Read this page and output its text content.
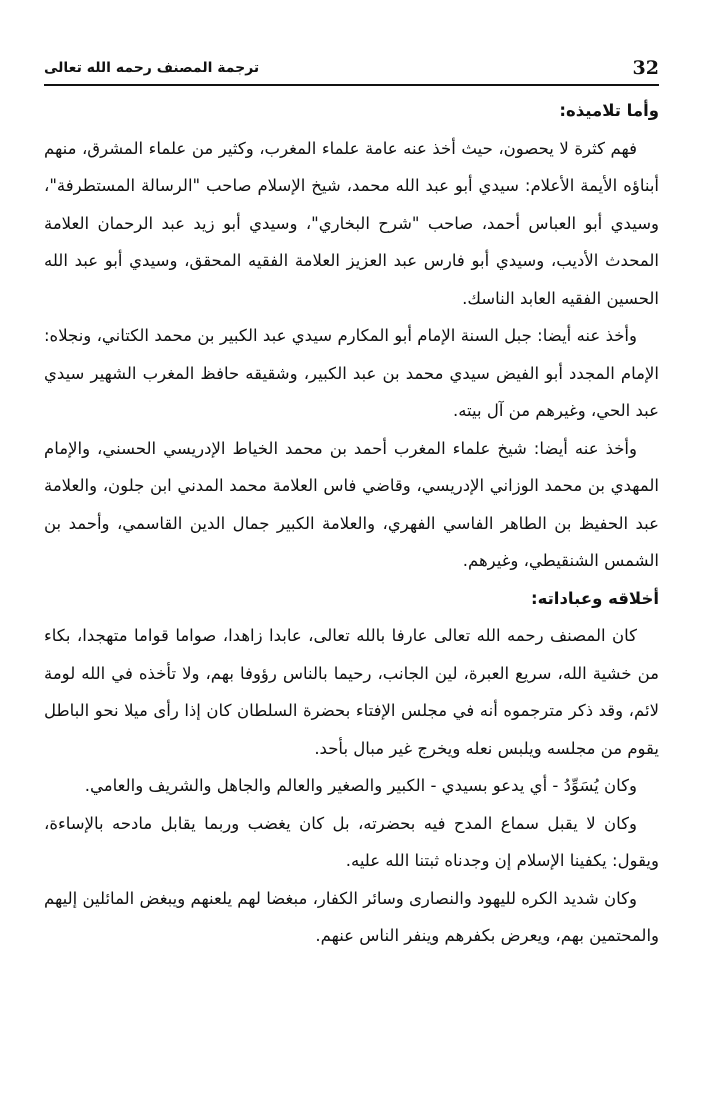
32
ترجمة المصنف رحمه الله تعالى

وأما تلاميذه:

فهم كثرة لا يحصون، حيث أخذ عنه عامة علماء المغرب، وكثير من علماء المشرق، منهم أبناؤه الأيمة الأعلام: سيدي أبو عبد الله محمد، شيخ الإسلام صاحب "الرسالة المستطرفة"، وسيدي أبو العباس أحمد، صاحب "شرح البخاري"، وسيدي أبو زيد عبد الرحمان العلامة المحدث الأديب، وسيدي أبو فارس عبد العزيز العلامة الفقيه المحقق، وسيدي أبو عبد الله الحسين الفقيه العابد الناسك.

وأخذ عنه أيضا: جبل السنة الإمام أبو المكارم سيدي عبد الكبير بن محمد الكتاني، ونجلاه: الإمام المجدد أبو الفيض سيدي محمد بن عبد الكبير، وشقيقه حافظ المغرب الشهير سيدي عبد الحي، وغيرهم من آل بيته.

وأخذ عنه أيضا: شيخ علماء المغرب أحمد بن محمد الخياط الإدريسي الحسني، والإمام المهدي بن محمد الوزاني الإدريسي، وقاضي فاس العلامة محمد المدني ابن جلون، والعلامة عبد الحفيظ بن الطاهر الفاسي الفهري، والعلامة الكبير جمال الدين القاسمي، وأحمد بن الشمس الشنقيطي، وغيرهم.

أخلاقه وعباداته:

كان المصنف رحمه الله تعالى عارفا بالله تعالى، عابدا زاهدا، صواما قواما متهجدا، بكاء من خشية الله، سريع العبرة، لين الجانب، رحيما بالناس رؤوفا بهم، ولا تأخذه في الله لومة لائم، وقد ذكر مترجموه أنه في مجلس الإفتاء بحضرة السلطان كان إذا رأى ميلا نحو الباطل يقوم من مجلسه ويلبس نعله ويخرج غير مبال بأحد.

وكان يُسَوِّدُ - أي يدعو بسيدي - الكبير والصغير والعالم والجاهل والشريف والعامي.

وكان لا يقبل سماع المدح فيه بحضرته، بل كان يغضب وربما يقابل مادحه بالإساءة، ويقول: يكفينا الإسلام إن وجدناه ثبتنا الله عليه.

وكان شديد الكره لليهود والنصارى وسائر الكفار، مبغضا لهم يلعنهم ويبغض المائلين إليهم والمحتمين بهم، ويعرض بكفرهم وينفر الناس عنهم.
